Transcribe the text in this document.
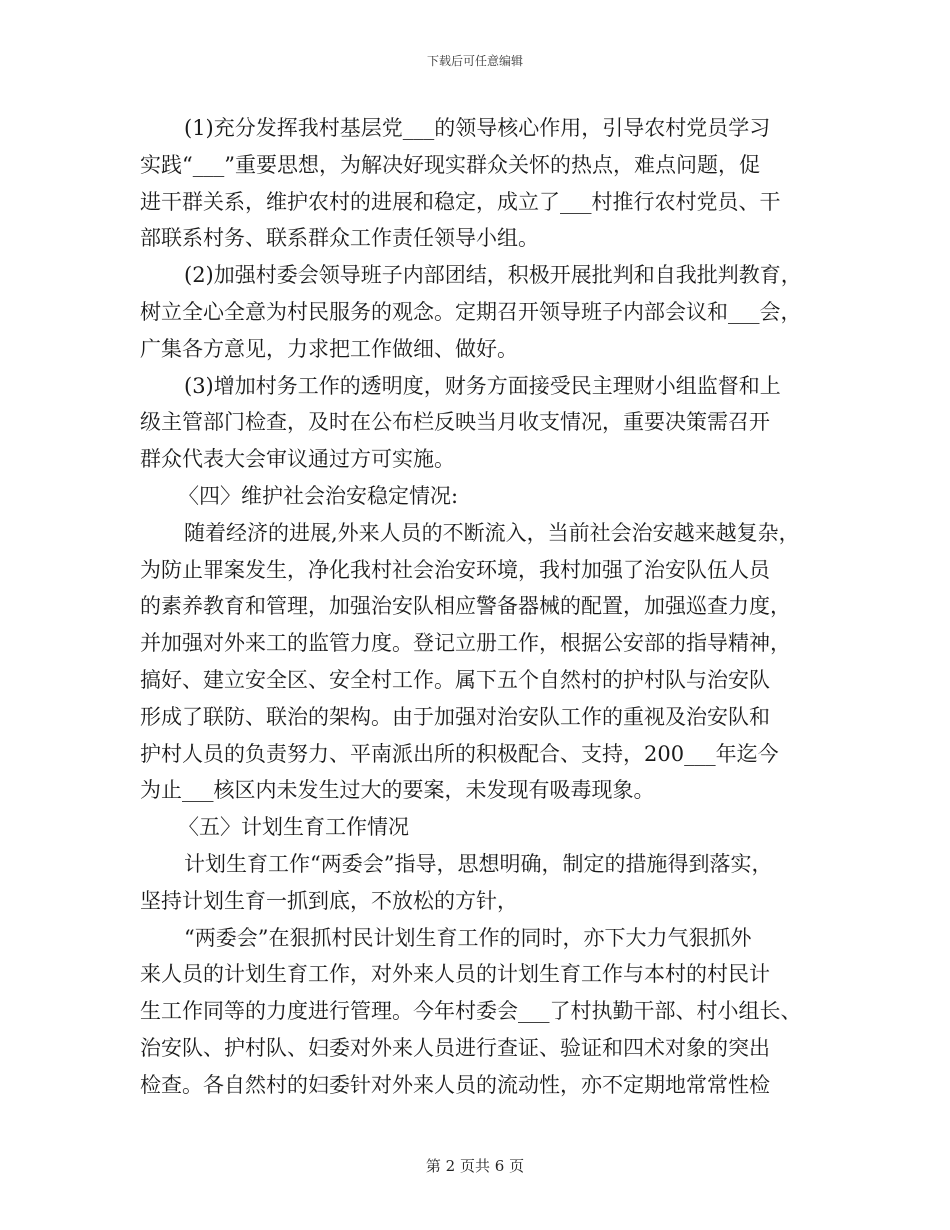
下载后可任意编辑
(1)充分发挥我村基层党___的领导核心作用，引导农村党员学习
实践“___”重要思想，为解决好现实群众关怀的热点，难点问题，促
进干群关系，维护农村的进展和稳定，成立了___村推行农村党员、干
部联系村务、联系群众工作责任领导小组。
(2)加强村委会领导班子内部团结，积极开展批判和自我批判教育，
树立全心全意为村民服务的观念。定期召开领导班子内部会议和___会，
广集各方意见，力求把工作做细、做好。
(3)增加村务工作的透明度，财务方面接受民主理财小组监督和上
级主管部门检查，及时在公布栏反映当月收支情况，重要决策需召开
群众代表大会审议通过方可实施。
〈四〉维护社会治安稳定情况:
随着经济的进展,外来人员的不断流入，当前社会治安越来越复杂，
为防止罪案发生，净化我村社会治安环境，我村加强了治安队伍人员
的素养教育和管理，加强治安队相应警备器械的配置，加强巡查力度，
并加强对外来工的监管力度。登记立册工作，根据公安部的指导精神，
搞好、建立安全区、安全村工作。属下五个自然村的护村队与治安队
形成了联防、联治的架构。由于加强对治安队工作的重视及治安队和
护村人员的负责努力、平南派出所的积极配合、支持，200___年迄今
为止___核区内未发生过大的要案，未发现有吸毒现象。
〈五〉计划生育工作情况
计划生育工作“两委会”指导，思想明确，制定的措施得到落实，
坚持计划生育一抓到底，不放松的方针，
“两委会”在狠抓村民计划生育工作的同时，亦下大力气狠抓外
来人员的计划生育工作，对外来人员的计划生育工作与本村的村民计
生工作同等的力度进行管理。今年村委会___了村执勤干部、村小组长、
治安队、护村队、妇委对外来人员进行查证、验证和四术对象的突出
检查。各自然村的妇委针对外来人员的流动性，亦不定期地常常性检
第 2 页共 6 页
